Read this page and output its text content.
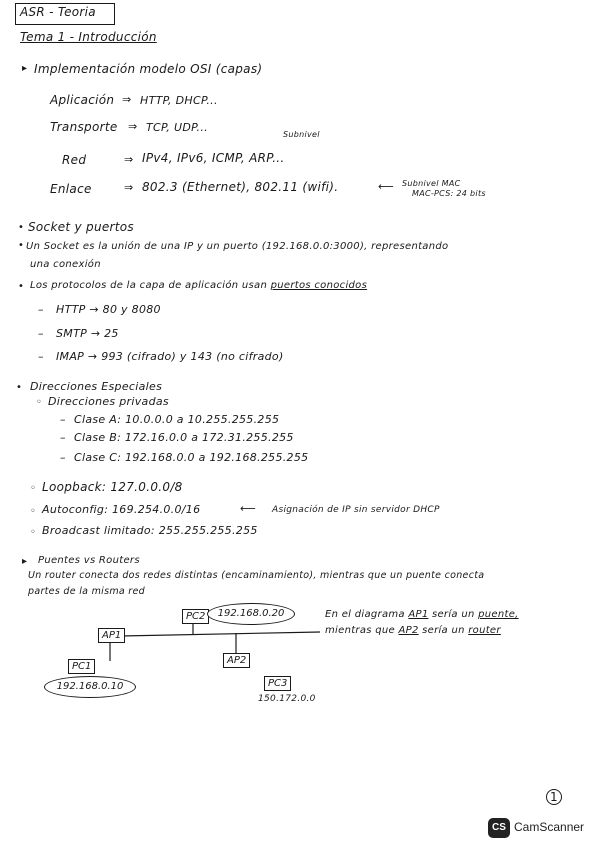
ASR - Teoria
Tema 1 - Introducción
▸ Implementación modelo OSI (capas)
Aplicación ⇒ HTTP, DHCP...
Transporte ⇒ TCP, UDP...
Subnivel
Red	⇒ IPv4, IPv6, ICMP, ARP...
Enlace	⇒ 802.3 (Ethernet), 802.11 (wifi).	⟵ Subnivel MAC
MAC-PCS: 24 bits
• Socket y puertos
• Un Socket es la unión de una IP y un puerto (192.168.0.0:3000), representando
una conexión
• Los protocolos de la capa de aplicación usan puertos conocidos
– HTTP → 80 y 8080
– SMTP → 25
– IMAP → 993 (cifrado) y 143 (no cifrado)
• Direcciones Especiales
◦ Direcciones privadas
– Clase A: 10.0.0.0 a 10.255.255.255
– Clase B: 172.16.0.0 a 172.31.255.255
– Clase C: 192.168.0.0 a 192.168.255.255
◦ Loopback: 127.0.0.0/8
◦ Autoconfig: 169.254.0.0/16	⟵ Asignación de IP sin servidor DHCP
◦ Broadcast limitado: 255.255.255.255
▸ Puentes vs Routers
Un router conecta dos redes distintas (encaminamiento), mientras que un puente conecta
partes de la misma red
AP1
PC2	192.168.0.20
AP2
PC1
192.168.0.10	PC3
150.172.0.0
En el diagrama AP1 sería un puente,
mientras que AP2 sería un router
1
CS CamScanner
